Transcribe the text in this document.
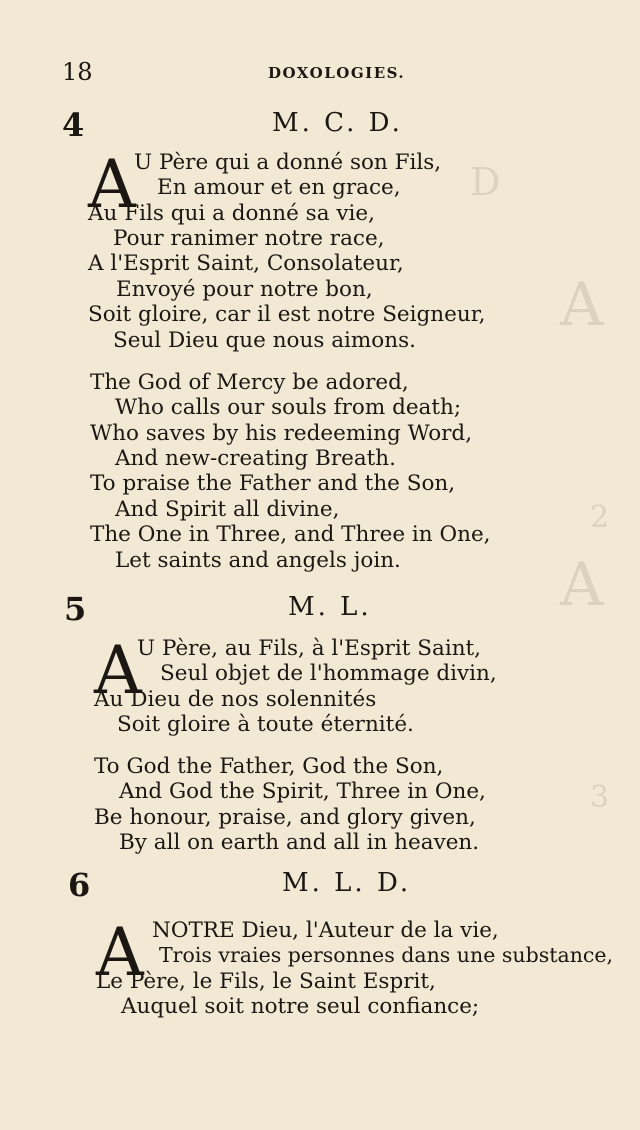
D
A
2
A
3
18	DOXOLOGIES.
4	M. C. D.
A
U Père qui a donné son Fils,
En amour et en grace,
Au Fils qui a donné sa vie,
Pour ranimer notre race,
A l'Esprit Saint, Consolateur,
Envoyé pour notre bon,
Soit gloire, car il est notre Seigneur,
Seul Dieu que nous aimons.
The God of Mercy be adored,
Who calls our souls from death;
Who saves by his redeeming Word,
And new-creating Breath.
To praise the Father and the Son,
And Spirit all divine,
The One in Three, and Three in One,
Let saints and angels join.
5	M. L.
A
U Père, au Fils, à l'Esprit Saint,
Seul objet de l'hommage divin,
Au Dieu de nos solennités
Soit gloire à toute éternité.
To God the Father, God the Son,
And God the Spirit, Three in One,
Be honour, praise, and glory given,
By all on earth and all in heaven.
6	M. L. D.
A NOTRE Dieu, l'Auteur de la vie,
Trois vraies personnes dans une substance,
Le Père, le Fils, le Saint Esprit,
Auquel soit notre seul confiance;
